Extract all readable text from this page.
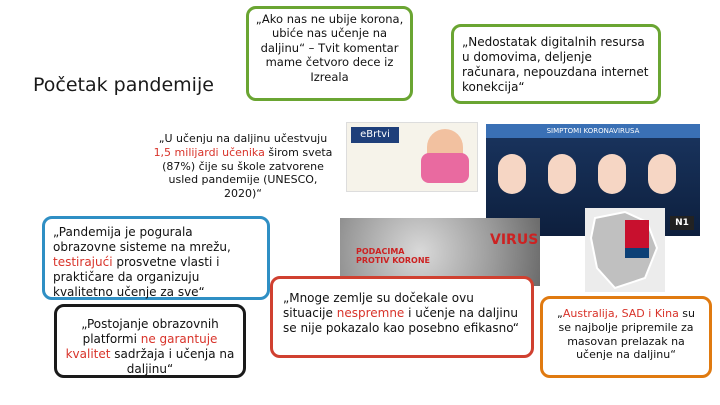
Početak pandemije
eBrtvi	SIMPTOMI KORONAVIRUSA
N1
VIRUS
PODACIMA PROTIV KORONE
„Ako nas ne ubije korona, ubiće nas učenje na daljinu“ – Tvit komentar mame četvoro dece iz Izreala
„Nedostatak digitalnih resursa u domovima, deljenje računara, nepouzdana internet konekcija“
„U učenju na daljinu učestvuju 1,5 milijardi učenika širom sveta (87%) čije su škole zatvorene usled pandemije (UNESCO, 2020)“
„Pandemija je pogurala obrazovne sisteme na mrežu, testirajući prosvetne vlasti i praktičare da organizuju kvalitetno učenje za sve“
„Postojanje obrazovnih platformi ne garantuje kvalitet sadržaja i učenja na daljinu“
„Mnoge zemlje su dočekale ovu situacije nespremne i učenje na daljinu se nije pokazalo kao posebno efikasno“
„Australija, SAD i Kina su se najbolje pripremile za masovan prelazak na učenje na daljinu“
